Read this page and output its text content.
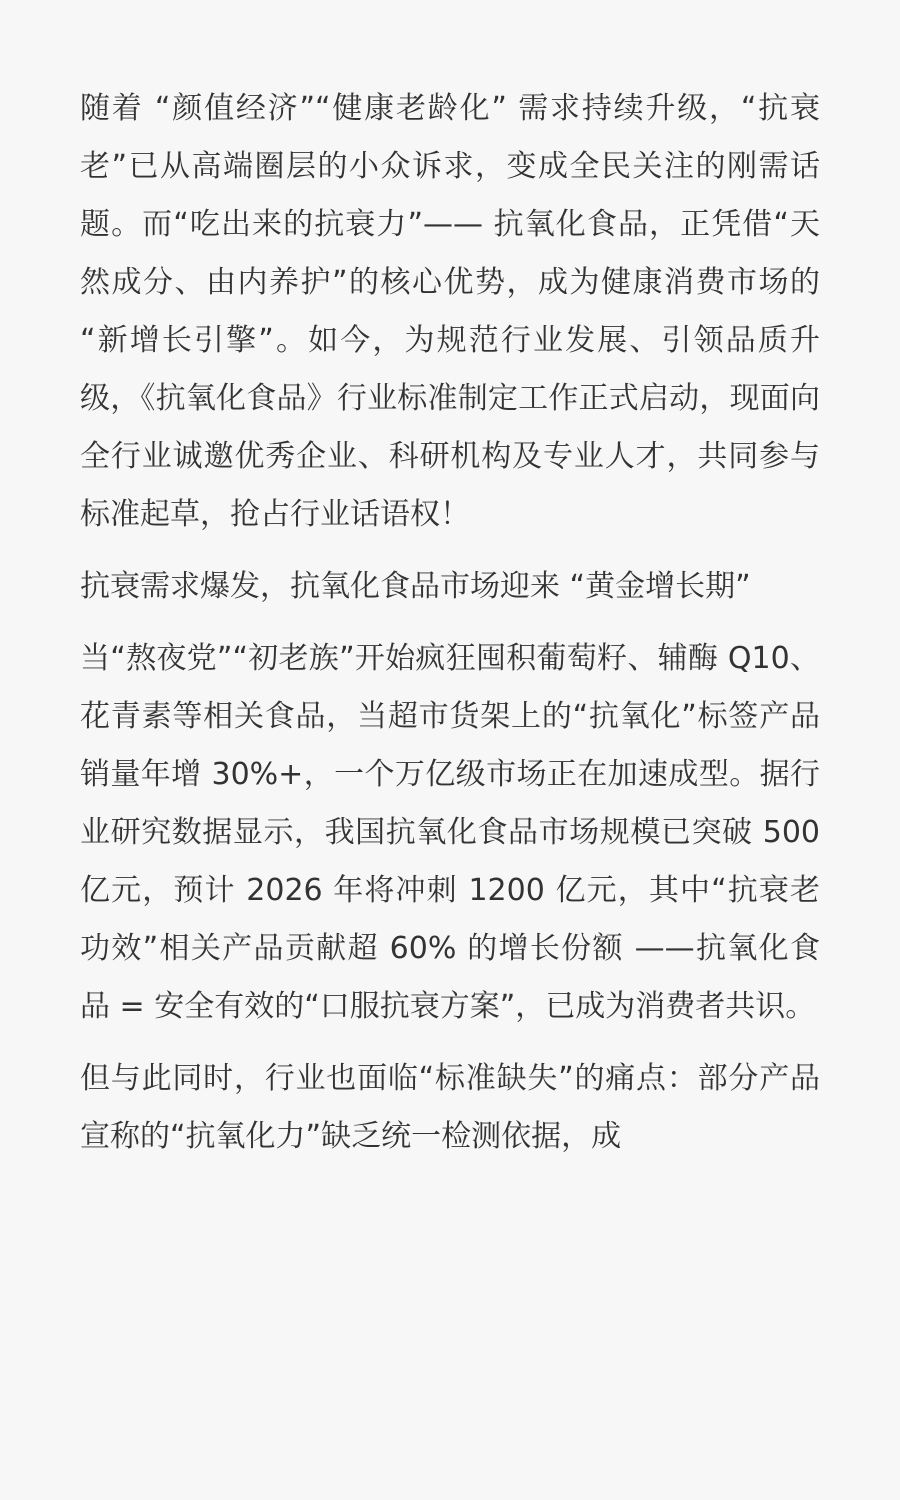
随着 “颜值经济”“健康老龄化” 需求持续升级，“抗衰老”已从高端圈层的小众诉求，变成全民关注的刚需话题。而“吃出来的抗衰力”—— 抗氧化食品，正凭借“天然成分、由内养护”的核心优势，成为健康消费市场的 “新增长引擎”。如今，为规范行业发展、引领品质升级，《抗氧化食品》行业标准制定工作正式启动，现面向全行业诚邀优秀企业、科研机构及专业人才，共同参与标准起草，抢占行业话语权！

抗衰需求爆发，抗氧化食品市场迎来 “黄金增长期”

当“熬夜党”“初老族”开始疯狂囤积葡萄籽、辅酶 Q10、花青素等相关食品，当超市货架上的“抗氧化”标签产品销量年增 30%+，一个万亿级市场正在加速成型。据行业研究数据显示，我国抗氧化食品市场规模已突破 500 亿元，预计 2026 年将冲刺 1200 亿元，其中“抗衰老功效”相关产品贡献超 60% 的增长份额 ——抗氧化食品 = 安全有效的“口服抗衰方案”，已成为消费者共识。

但与此同时，行业也面临“标准缺失”的痛点：部分产品宣称的“抗氧化力”缺乏统一检测依据，成
